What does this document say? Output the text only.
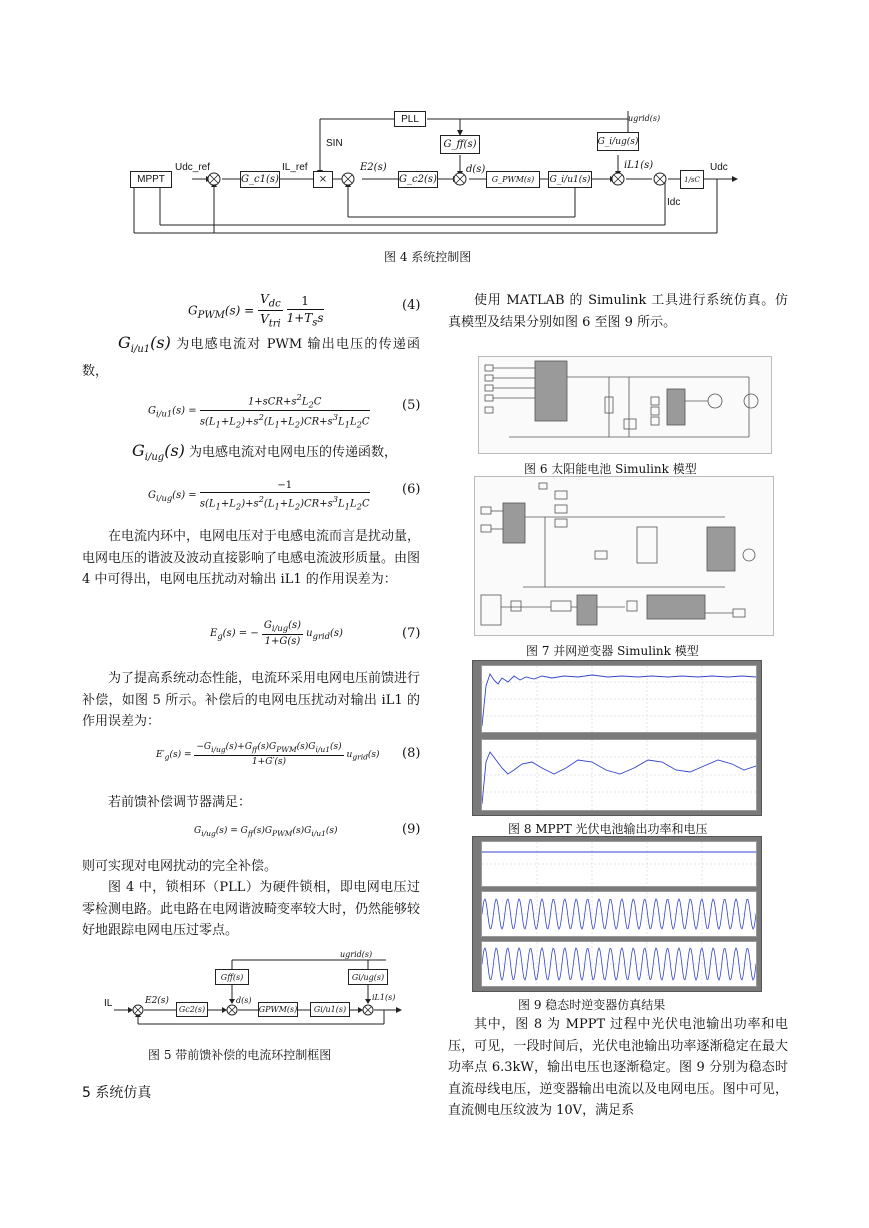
MPPT	G_c1(s)	×	G_c2(s)	G_PWM(s)	G_i/u1(s)	1/sC
PLL
G_ff(s)	G_i/ug(s)
Udc_ref	IL_ref
SIN
E2(s)	d(s)	iL1(s)	Udc
Idc
ugrid(s)
图 4 系统控制图
$G_{PWM}(s) = \frac{V_{dc}}{V_{tri}}$
$\frac{1}{1+T_ss}$	(4)
$G_{i/u1}(s)$ 为电感电流对 PWM 输出电压的传递函数，
$G_{i/u1}(s) = \frac{1+sCR+s^2L_2C}{s(L_1+L_2)+s^2(L_1+L_2)CR+s^3L_1L_2C} (5)$
$G_{i/ug}(s)$ 为电感电流对电网电压的传递函数，
$G_{i/ug}(s) = \frac{-1}{s(L_1+L_2)+s^2(L_1+L_2)CR+s^3L_1L_2C} (6)$
在电流内环中，电网电压对于电感电流而言是扰动量，电网电压的谐波及波动直接影响了电感电流波形质量。由图 4 中可得出，电网电压扰动对输出 iL1 的作用误差为：
$E_g(s)$ = − $\frac{G_{i/ug}(s)}{1+G(s)} u_{grid}(s)$	(7)
为了提高系统动态性能，电流环采用电网电压前馈进行补偿，如图 5 所示。补偿后的电网电压扰动对输出 iL1 的作用误差为：
$E'_g(s) = \frac{-G_{i/ug}(s)+G_{ff}(s)G_{PWM}(s)G_{i/u1}(s)}{1+G'(s)} u_{grid}(s)$ (8)
若前馈补偿调节器满足：
$G_{i/ug}(s) = G_{ff}(s)G_{PWM}(s)G_{i/u1}(s)$	(9)
则可实现对电网扰动的完全补偿。
图 4 中，锁相环（PLL）为硬件锁相，即电网电压过零检测电路。此电路在电网谐波畸变率较大时，仍然能够较好地跟踪电网电压过零点。
Gff(s)	Gi/ug(s)
Gc2(s)	GPWM(s)	Gi/u1(s)
IL	E2(s)	d(s)	iL1(s)
ugrid(s)
图 5 带前馈补偿的电流环控制框图
5 系统仿真
使用 MATLAB 的 Simulink 工具进行系统仿真。仿真模型及结果分别如图 6 至图 9 所示。
图 6 太阳能电池 Simulink 模型
图 7 并网逆变器 Simulink 模型
图 8 MPPT 光伏电池输出功率和电压
图 9 稳态时逆变器仿真结果
其中，图 8 为 MPPT 过程中光伏电池输出功率和电压，可见，一段时间后，光伏电池输出功率逐渐稳定在最大功率点 6.3kW，输出电压也逐渐稳定。图 9 分别为稳态时直流母线电压，逆变器输出电流以及电网电压。图中可见，直流侧电压纹波为 10V，满足系
